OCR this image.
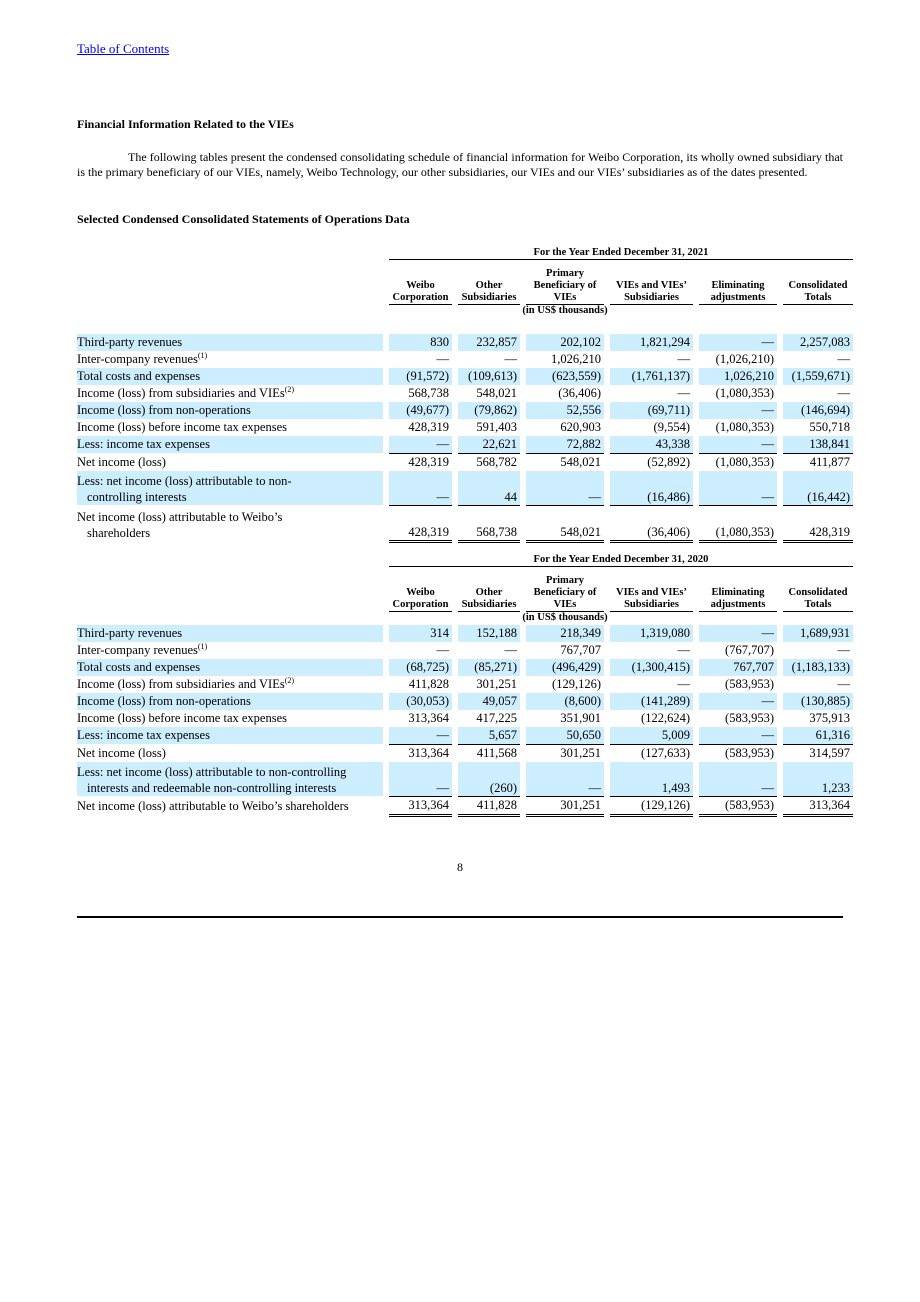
Table of Contents
Financial Information Related to the VIEs

The following tables present the condensed consolidating schedule of financial information for Weibo Corporation, its wholly owned subsidiary that is the primary beneficiary of our VIEs, namely, Weibo Technology, our other subsidiaries, our VIEs and our VIEs’ subsidiaries as of the dates presented.

Selected Condensed Consolidated Statements of Operations Data
		For the Year Ended December 31, 2021										
		Weibo
Corporation		Other
Subsidiaries		Primary
Beneficiary of
VIEs		VIEs and VIEs’
Subsidiaries		Eliminating
adjustments		Consolidated
Totals
					(in US$ thousands)							
Third-party revenues		830		232,857		202,102		1,821,294		—		2,257,083
Inter-company revenues$^{(1)}$		—		—		1,026,210		—		(1,026,210)		—
Total costs and expenses		(91,572)		(109,613)		(623,559)		(1,761,137)		1,026,210		(1,559,671)
Income (loss) from subsidiaries and VIEs$^{(2)}$		568,738		548,021		(36,406)		—		(1,080,353)		—
Income (loss) from non-operations		(49,677)		(79,862)		52,556		(69,711)		—		(146,694)
Income (loss) before income tax expenses		428,319		591,403		620,903		(9,554)		(1,080,353)		550,718
Less: income tax expenses		—		22,621		72,882		43,338		—		138,841
Net income (loss)		428,319		568,782		548,021		(52,892)		(1,080,353)		411,877

Less: net income (loss) attributable to non-
controlling interests		—		44		—		(16,486)		—		(16,442)

Net income (loss) attributable to Weibo’s
shareholders		428,319		568,738		548,021		(36,406)		(1,080,353)		428,319
		For the Year Ended December 31, 2020										
		Weibo
Corporation		Other
Subsidiaries		Primary
Beneficiary of
VIEs		VIEs and VIEs’
Subsidiaries		Eliminating
adjustments		Consolidated
Totals
					(in US$ thousands)							
Third-party revenues		314		152,188		218,349		1,319,080		—		1,689,931
Inter-company revenues$^{(1)}$		—		—		767,707		—		(767,707)		—
Total costs and expenses		(68,725)		(85,271)		(496,429)		(1,300,415)		767,707		(1,183,133)
Income (loss) from subsidiaries and VIEs$^{(2)}$		411,828		301,251		(129,126)		—		(583,953)		—
Income (loss) from non-operations		(30,053)		49,057		(8,600)		(141,289)		—		(130,885)
Income (loss) before income tax expenses		313,364		417,225		351,901		(122,624)		(583,953)		375,913
Less: income tax expenses		—		5,657		50,650		5,009		—		61,316
Net income (loss)		313,364		411,568		301,251		(127,633)		(583,953)		314,597

Less: net income (loss) attributable to non-controlling
interests and redeemable non-controlling interests		—		(260)		—		1,493		—		1,233
Net income (loss) attributable to Weibo’s shareholders		313,364		411,828		301,251		(129,126)		(583,953)		313,364
8
